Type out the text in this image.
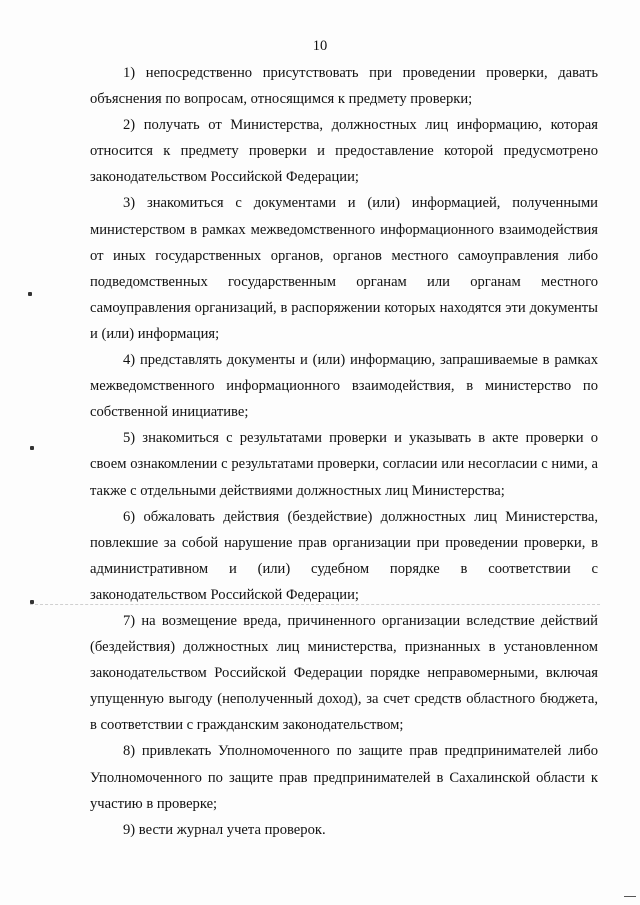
10

1) непосредственно присутствовать при проведении проверки, давать объяснения по вопросам, относящимся к предмету проверки;

2) получать от Министерства, должностных лиц информацию, которая относится к предмету проверки и предоставление которой предусмотрено законодательством Российской Федерации;

3) знакомиться с документами и (или) информацией, полученными министерством в рамках межведомственного информационного взаимодействия от иных государственных органов, органов местного самоуправления либо подведомственных государственным органам или органам местного самоуправления организаций, в распоряжении которых находятся эти документы и (или) информация;

4) представлять документы и (или) информацию, запрашиваемые в рамках межведомственного информационного взаимодействия, в министерство по собственной инициативе;

5) знакомиться с результатами проверки и указывать в акте проверки о своем ознакомлении с результатами проверки, согласии или несогласии с ними, а также с отдельными действиями должностных лиц Министерства;

6) обжаловать действия (бездействие) должностных лиц Министерства, повлекшие за собой нарушение прав организации при проведении проверки, в административном и (или) судебном порядке в соответствии с законодательством Российской Федерации;

7) на возмещение вреда, причиненного организации вследствие действий (бездействия) должностных лиц министерства, признанных в установленном законодательством Российской Федерации порядке неправомерными, включая упущенную выгоду (неполученный доход), за счет средств областного бюджета, в соответствии с гражданским законодательством;

8) привлекать Уполномоченного по защите прав предпринимателей либо Уполномоченного по защите прав предпринимателей в Сахалинской области к участию в проверке;

9) вести журнал учета проверок.
